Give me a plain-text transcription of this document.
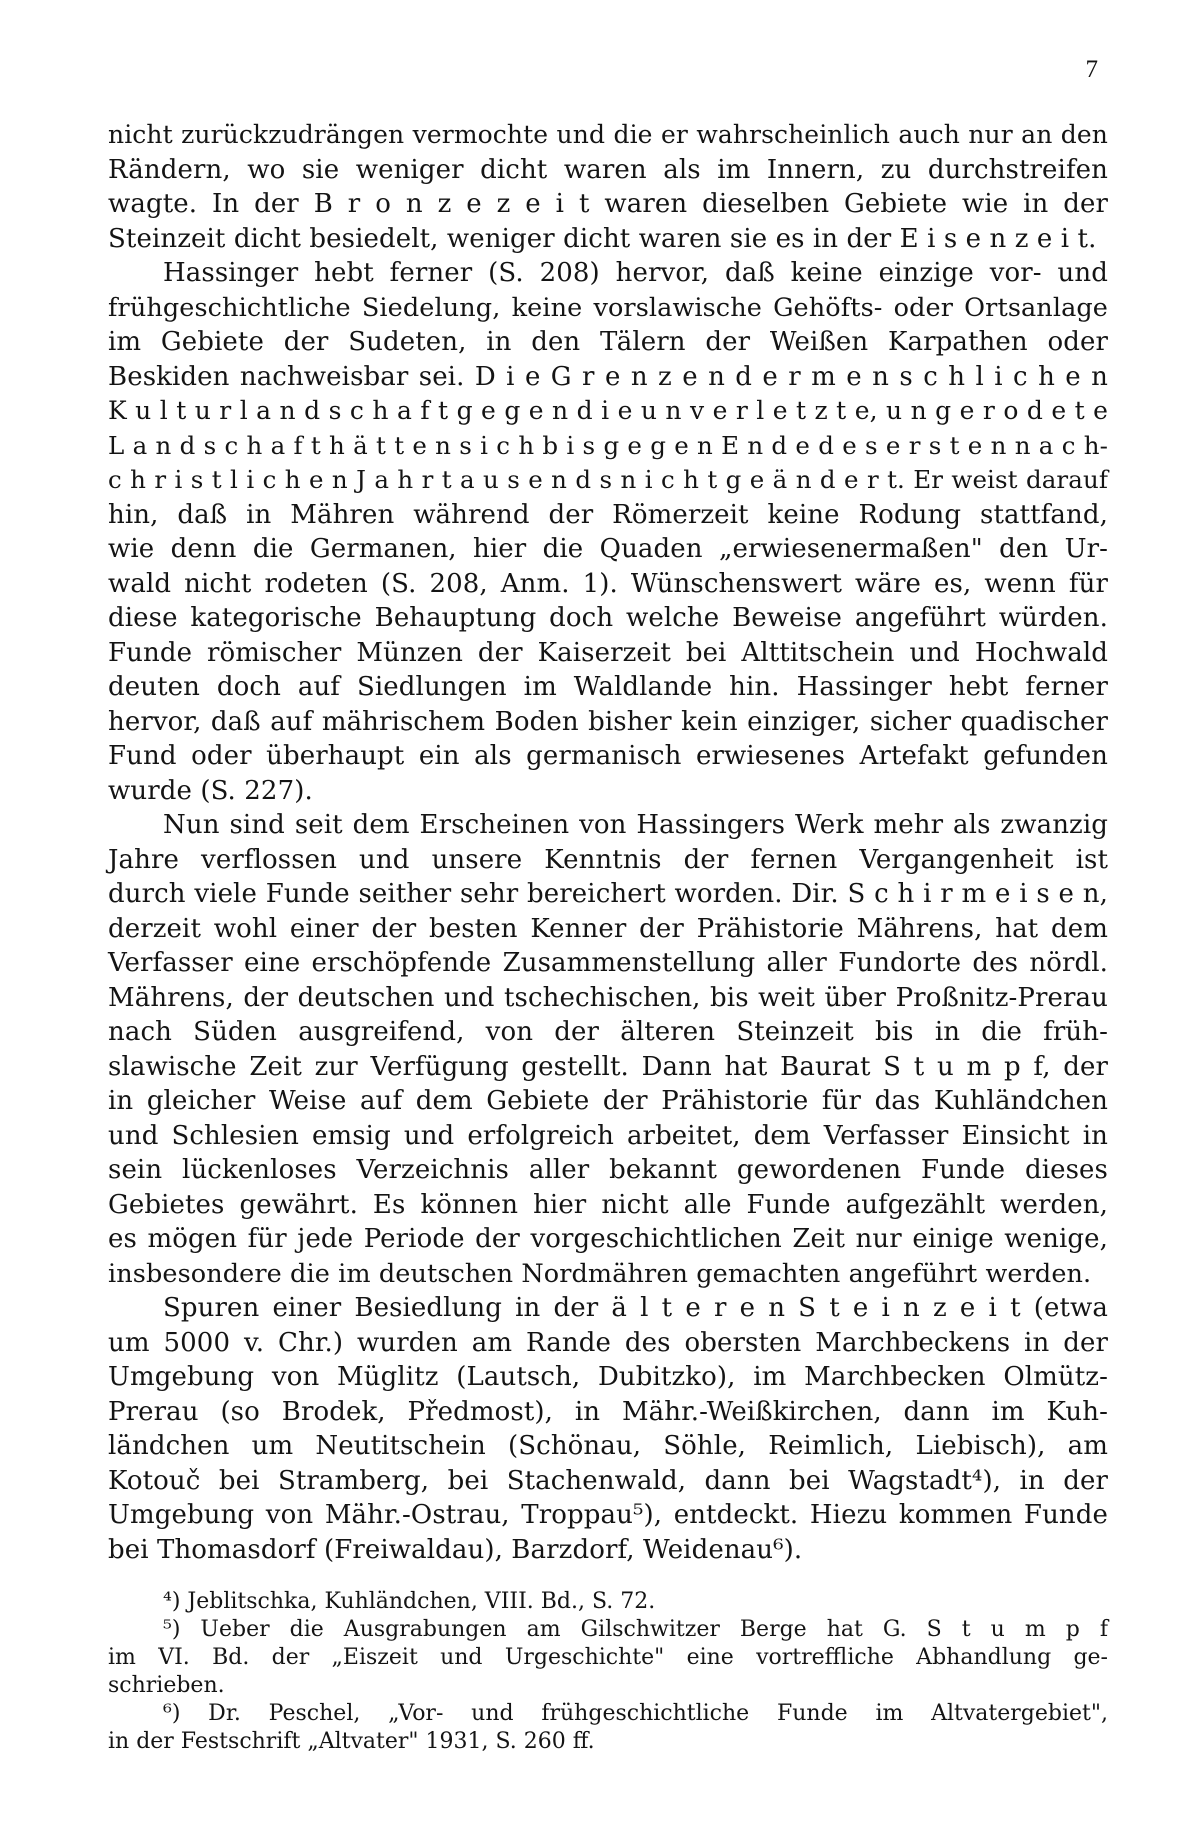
7
nicht zurückzudrängen vermochte und die er wahrscheinlich auch nur an den
Rändern, wo sie weniger dicht waren als im Innern, zu durchstreifen
wagte. In der B r o n z e z e i t waren dieselben Gebiete wie in der
Steinzeit dicht besiedelt, weniger dicht waren sie es in der E i s e n z e i t.
Hassinger hebt ferner (S. 208) hervor, daß keine einzige vor- und
frühgeschichtliche Siedelung, keine vorslawische Gehöfts- oder Ortsanlage
im Gebiete der Sudeten, in den Tälern der Weißen Karpathen oder
Beskiden nachweisbar sei. D i e G r e n z e n d e r m e n s c h l i c h e n
K u l t u r l a n d s c h a f t g e g e n d i e u n v e r l e t z t e, u n g e r o d e t e
L a n d s c h a f t h ä t t e n s i c h b i s g e g e n E n d e d e s e r s t e n n a c h-
c h r i s t l i c h e n J a h r t a u s e n d s n i c h t g e ä n d e r t. Er weist darauf
hin, daß in Mähren während der Römerzeit keine Rodung stattfand,
wie denn die Germanen, hier die Quaden „erwiesenermaßen" den Ur-
wald nicht rodeten (S. 208, Anm. 1). Wünschenswert wäre es, wenn für
diese kategorische Behauptung doch welche Beweise angeführt würden.
Funde römischer Münzen der Kaiserzeit bei Alttitschein und Hochwald
deuten doch auf Siedlungen im Waldlande hin. Hassinger hebt ferner
hervor, daß auf mährischem Boden bisher kein einziger, sicher quadischer
Fund oder überhaupt ein als germanisch erwiesenes Artefakt gefunden
wurde (S. 227).
Nun sind seit dem Erscheinen von Hassingers Werk mehr als zwanzig
Jahre verflossen und unsere Kenntnis der fernen Vergangenheit ist
durch viele Funde seither sehr bereichert worden. Dir. S c h i r m e i s e n,
derzeit wohl einer der besten Kenner der Prähistorie Mährens, hat dem
Verfasser eine erschöpfende Zusammenstellung aller Fundorte des nördl.
Mährens, der deutschen und tschechischen, bis weit über Proßnitz-Prerau
nach Süden ausgreifend, von der älteren Steinzeit bis in die früh-
slawische Zeit zur Verfügung gestellt. Dann hat Baurat S t u m p f, der
in gleicher Weise auf dem Gebiete der Prähistorie für das Kuhländchen
und Schlesien emsig und erfolgreich arbeitet, dem Verfasser Einsicht in
sein lückenloses Verzeichnis aller bekannt gewordenen Funde dieses
Gebietes gewährt. Es können hier nicht alle Funde aufgezählt werden,
es mögen für jede Periode der vorgeschichtlichen Zeit nur einige wenige,
insbesondere die im deutschen Nordmähren gemachten angeführt werden.
Spuren einer Besiedlung in der ä l t e r e n S t e i n z e i t (etwa
um 5000 v. Chr.) wurden am Rande des obersten Marchbeckens in der
Umgebung von Müglitz (Lautsch, Dubitzko), im Marchbecken Olmütz-
Prerau (so Brodek, Předmost), in Mähr.-Weißkirchen, dann im Kuh-
ländchen um Neutitschein (Schönau, Söhle, Reimlich, Liebisch), am
Kotouč bei Stramberg, bei Stachenwald, dann bei Wagstadt⁴), in der
Umgebung von Mähr.-Ostrau, Troppau⁵), entdeckt. Hiezu kommen Funde
bei Thomasdorf (Freiwaldau), Barzdorf, Weidenau⁶).
⁴) Jeblitschka, Kuhländchen, VIII. Bd., S. 72.
⁵) Ueber die Ausgrabungen am Gilschwitzer Berge hat G. S t u m p f
im VI. Bd. der „Eiszeit und Urgeschichte" eine vortreffliche Abhandlung ge-
schrieben.
⁶) Dr. Peschel, „Vor- und frühgeschichtliche Funde im Altvatergebiet",
in der Festschrift „Altvater" 1931, S. 260 ff.
